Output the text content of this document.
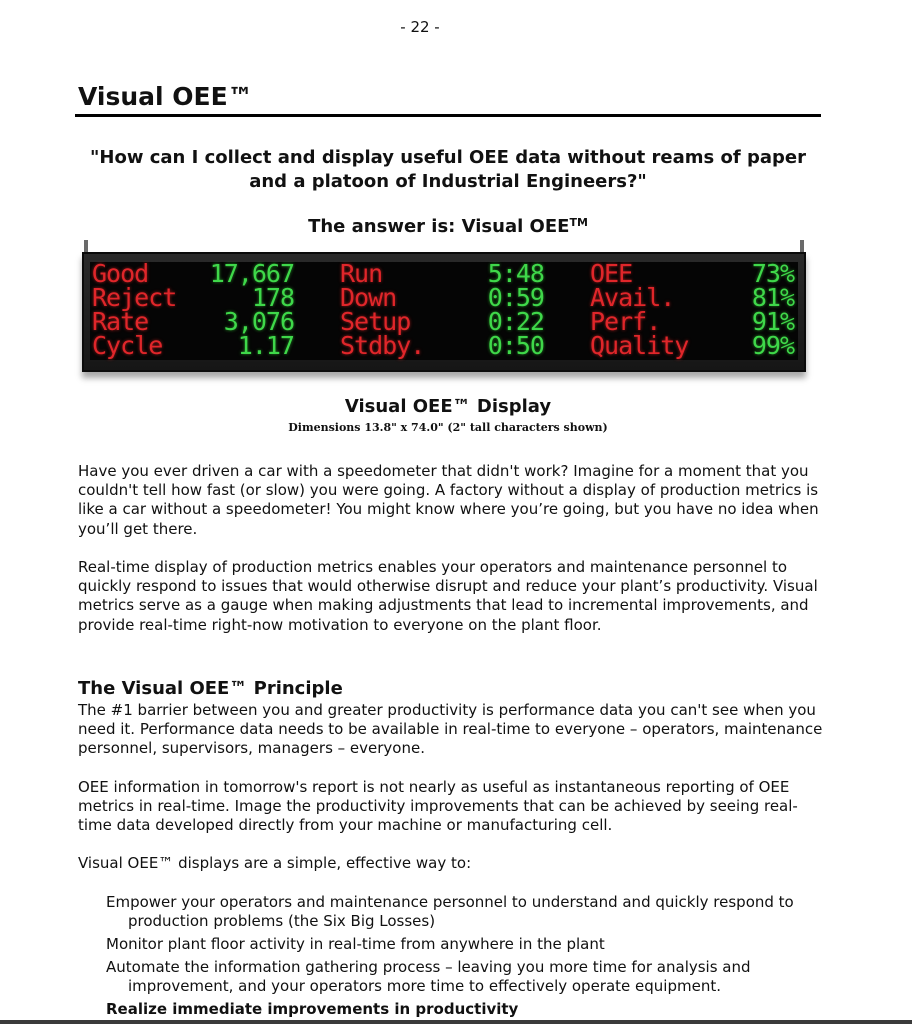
- 22 -
Visual OEE™

"How can I collect and display useful OEE data without reams of paper and a platoon of Industrial Engineers?"

The answer is: Visual OEE™

Good	17,667 Run	5:48 OEE	73%
Reject	178 Down	0:59 Avail.	81%
Rate	3,076 Setup	0:22 Perf.	91%
Cycle	1.17 Stdby.	0:50 Quality	99%

Visual OEE™ Display

Dimensions 13.8" x 74.0" (2" tall characters shown)

Have you ever driven a car with a speedometer that didn't work? Imagine for a moment that you couldn't tell how fast (or slow) you were going. A factory without a display of production metrics is like a car without a speedometer! You might know where you’re going, but you have no idea when you’ll get there.

Real-time display of production metrics enables your operators and maintenance personnel to quickly respond to issues that would otherwise disrupt and reduce your plant’s productivity. Visual metrics serve as a gauge when making adjustments that lead to incremental improvements, and provide real-time right-now motivation to everyone on the plant floor.

The Visual OEE™ Principle

The #1 barrier between you and greater productivity is performance data you can't see when you need it. Performance data needs to be available in real-time to everyone – operators, maintenance personnel, supervisors, managers – everyone.

OEE information in tomorrow's report is not nearly as useful as instantaneous reporting of OEE metrics in real-time. Image the productivity improvements that can be achieved by seeing real-time data developed directly from your machine or manufacturing cell.

Visual OEE™ displays are a simple, effective way to:

Empower your operators and maintenance personnel to understand and quickly respond to production problems (the Six Big Losses)
Monitor plant floor activity in real-time from anywhere in the plant
Automate the information gathering process – leaving you more time for analysis and improvement, and your operators more time to effectively operate equipment.
Realize immediate improvements in productivity
